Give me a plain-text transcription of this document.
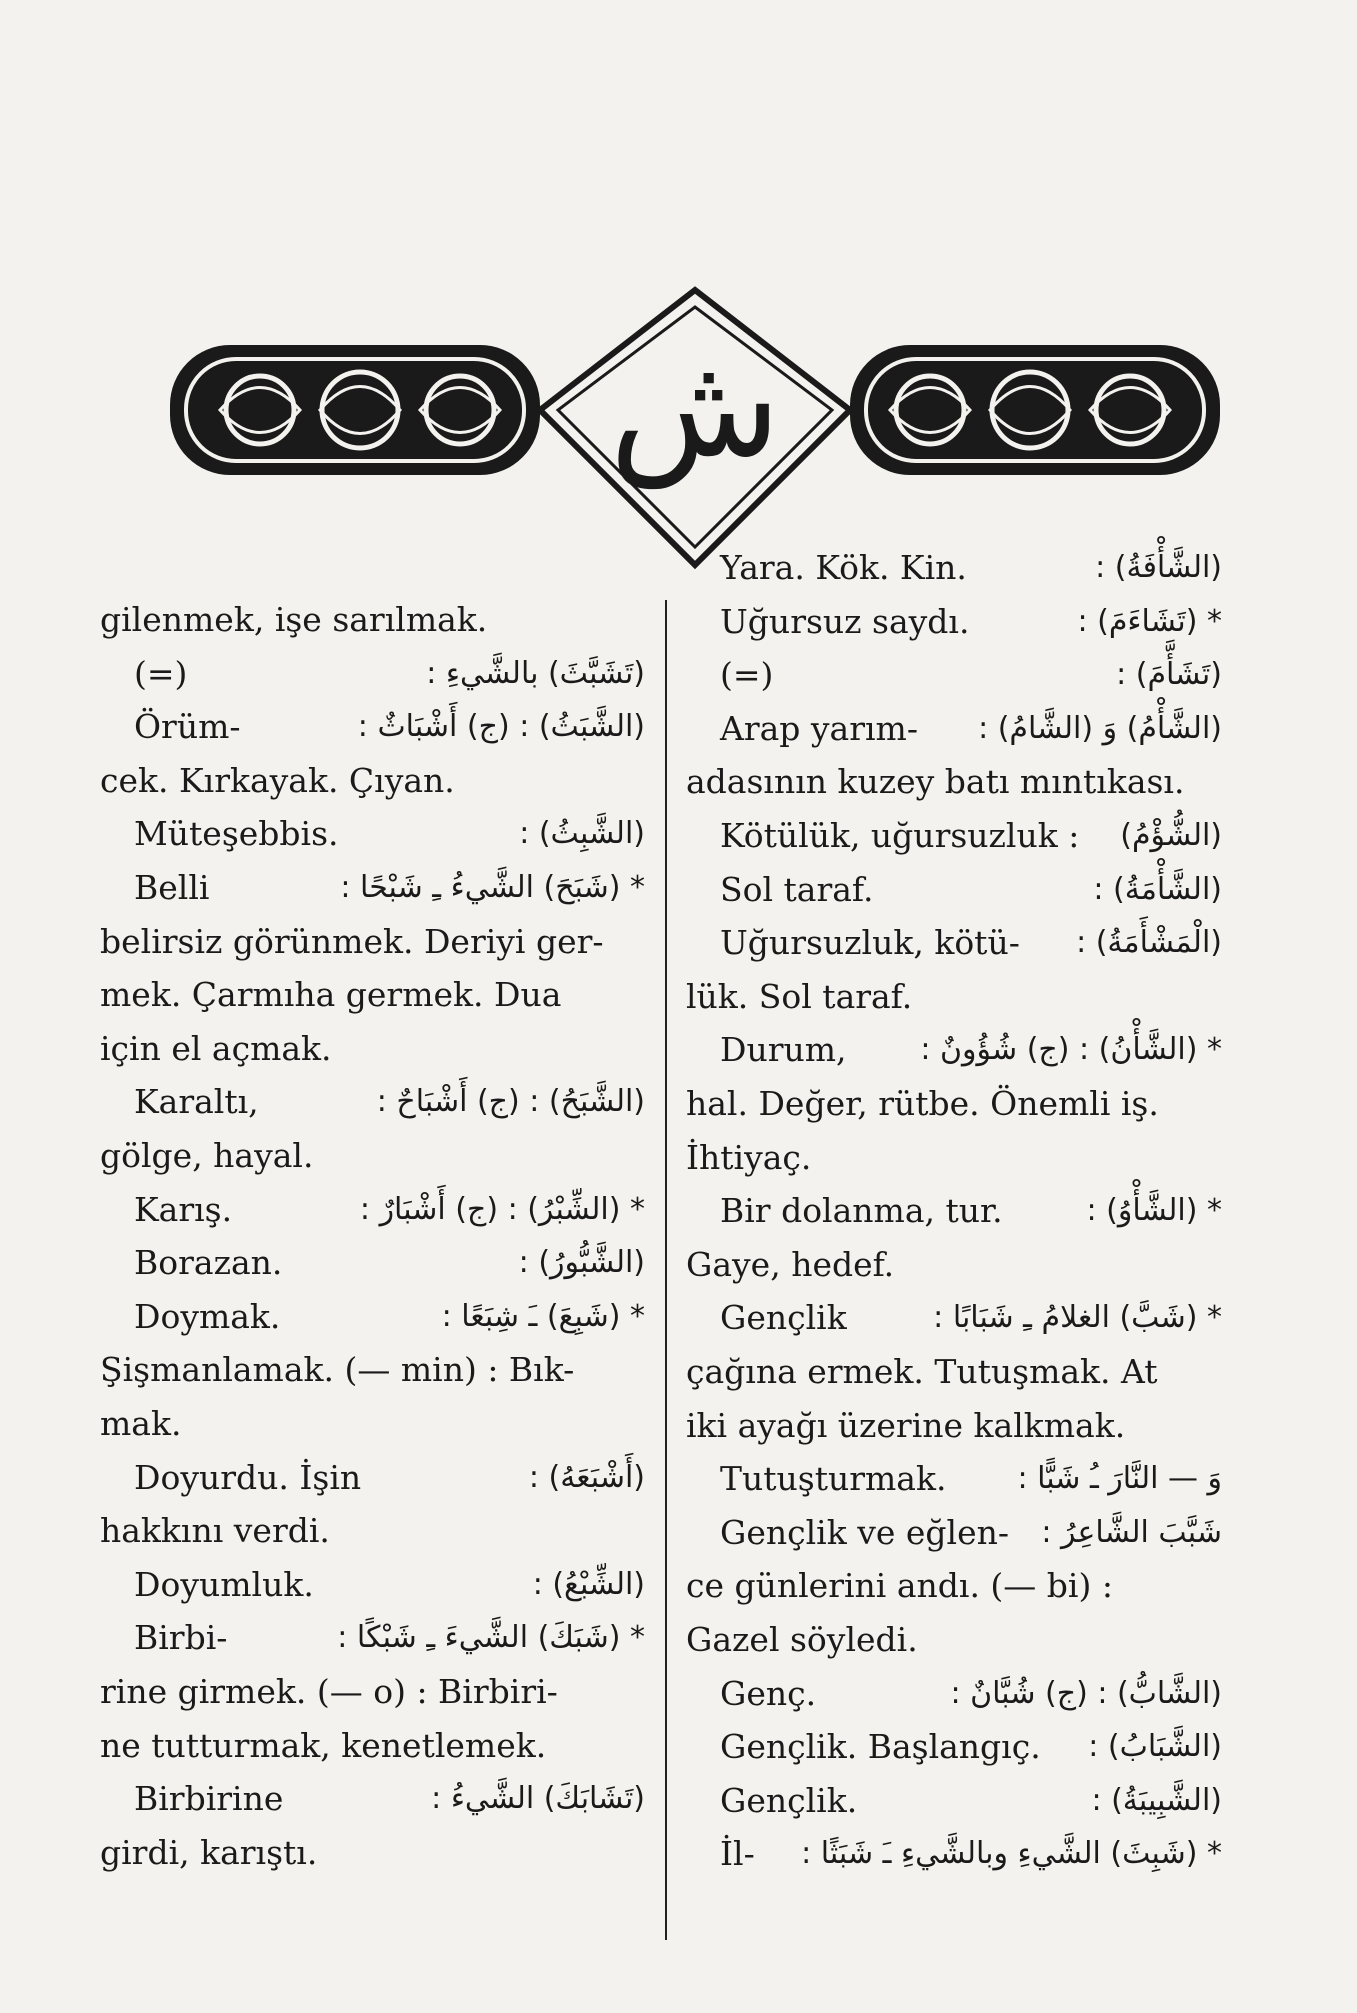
ش
gilenmek, işe sarılmak.
(=)	(تَشَبَّثَ) بالشَّيءِ :
Örüm-	(الشَّبَثُ) : (ج) أَشْبَاثٌ :
cek. Kırkayak. Çıyan.
Müteşebbis.	(الشَّبِثُ) :
Belli	* (شَبَحَ) الشَّيءُ ـِ شَبْحًا :
belirsiz görünmek. Deriyi ger-
mek. Çarmıha germek. Dua
için el açmak.
Karaltı,	(الشَّبَحُ) : (ج) أَشْبَاحٌ :
gölge, hayal.
Karış.	* (الشِّبْرُ) : (ج) أَشْبَارٌ :
Borazan.	(الشَّبُّورُ) :
Doymak.	* (شَبِعَ) ـَ شِبَعًا :
Şişmanlamak. (— min) : Bık-
mak.
Doyurdu. İşin	(أَشْبَعَهُ) :
hakkını verdi.
Doyumluk.	(الشِّبْعُ) :
Birbi-	* (شَبَكَ) الشَّيءَ ـِ شَبْكًا :
rine girmek. (— o) : Birbiri-
ne tutturmak, kenetlemek.
Birbirine	(تَشَابَكَ) الشَّيءُ :
girdi, karıştı.
Yara. Kök. Kin.	(الشَّأْفَةُ) :
Uğursuz saydı.	* (تَشَاءَمَ) :
(=)	(تَشَأَّمَ) :
Arap yarım- (الشَّأْمُ) وَ (الشَّامُ) :
adasının kuzey batı mıntıkası.
Kötülük, uğursuzluk : (الشُّؤْمُ)
Sol taraf.	(الشَّأْمَةُ) :
Uğursuzluk, kötü- (الْمَشْأَمَةُ) :
lük. Sol taraf.
Durum, * (الشَّأْنُ) : (ج) شُؤُونٌ :
hal. Değer, rütbe. Önemli iş.
İhtiyaç.
Bir dolanma, tur.	* (الشَّأْوُ) :
Gaye, hedef.
Gençlik	* (شَبَّ) الغلامُ ـِ شَبَابًا :
çağına ermek. Tutuşmak. At
iki ayağı üzerine kalkmak.
Tutuşturmak. وَ — النَّارَ ـُ شَبًّا :
Gençlik ve eğlen- شَبَّبَ الشَّاعِرُ :
ce günlerini andı. (— bi) :
Gazel söyledi.
Genç.	(الشَّابُّ) : (ج) شُبَّانٌ :
Gençlik. Başlangıç. (الشَّبَابُ) :
Gençlik.	(الشَّبِيبَةُ) :
İl- * (شَبِثَ) الشَّيءِ وبالشَّيءِ ـَ شَبَثًا :
